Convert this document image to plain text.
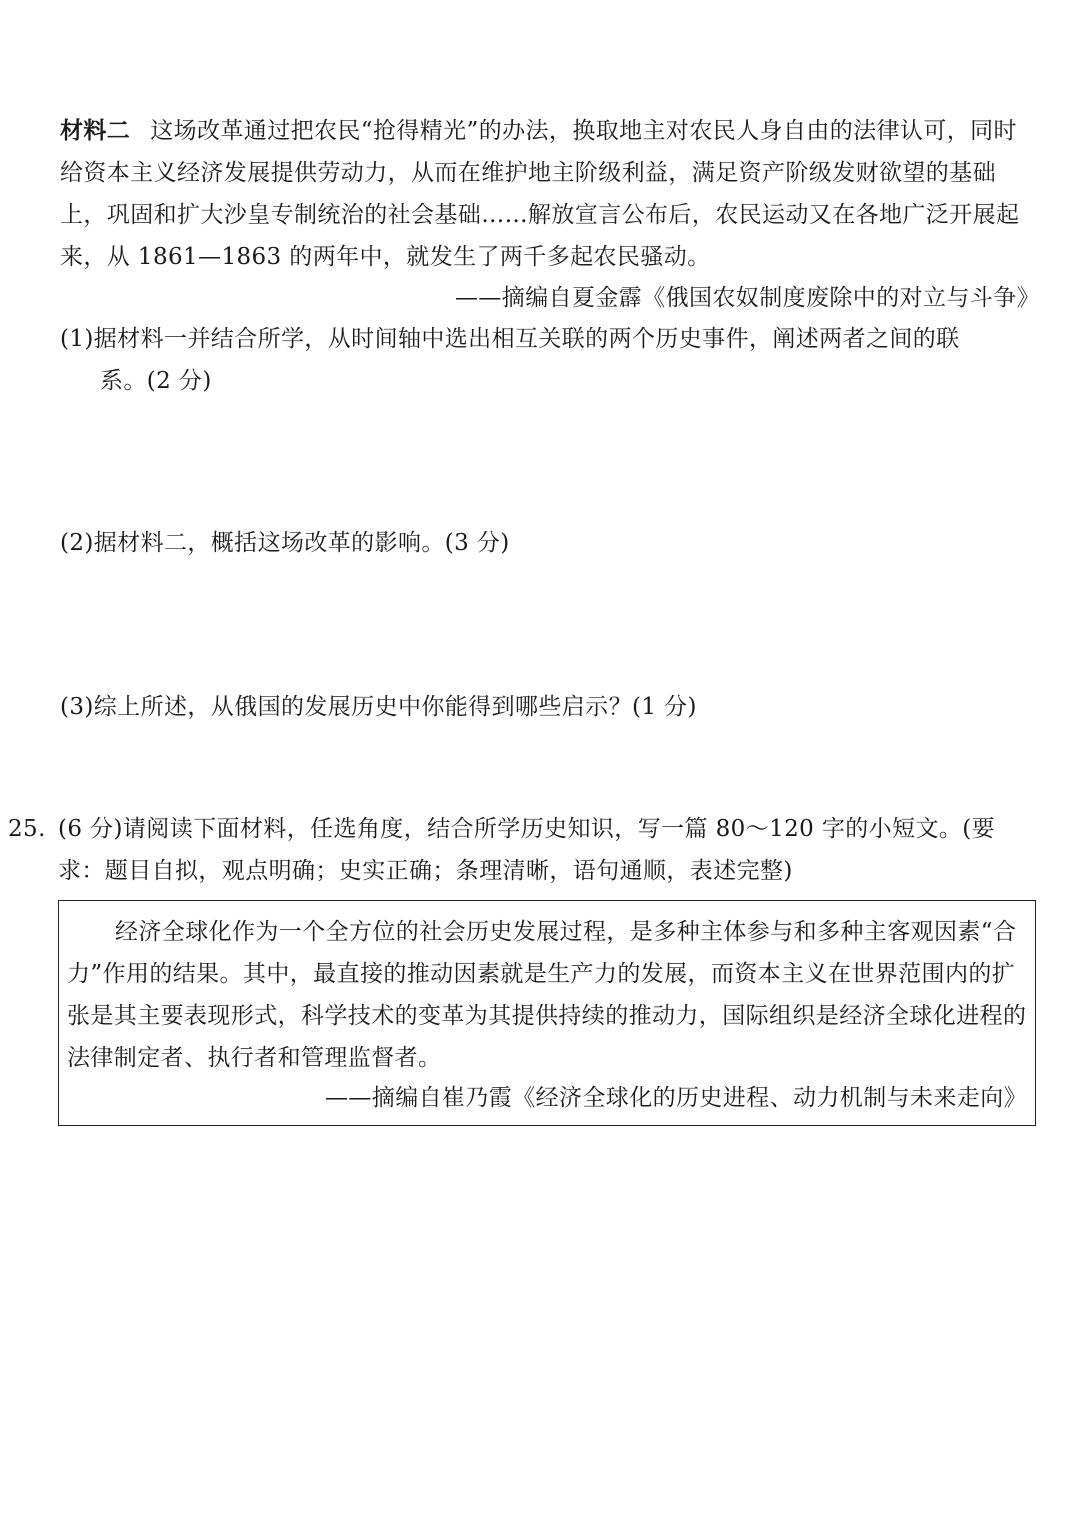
材料二 这场改革通过把农民“抢得精光”的办法，换取地主对农民人身自由的法律认可，同时给资本主义经济发展提供劳动力，从而在维护地主阶级利益，满足资产阶级发财欲望的基础上，巩固和扩大沙皇专制统治的社会基础……解放宣言公布后，农民运动又在各地广泛开展起来，从 1861—1863 的两年中，就发生了两千多起农民骚动。
——摘编自夏金霹《俄国农奴制度废除中的对立与斗争》
(1)据材料一并结合所学，从时间轴中选出相互关联的两个历史事件，阐述两者之间的联
系。(2 分)
(2)据材料二，概括这场改革的影响。(3 分)
(3)综上所述，从俄国的发展历史中你能得到哪些启示？(1 分)
25. (6 分)请阅读下面材料，任选角度，结合所学历史知识，写一篇 80～120 字的小短文。(要
求：题目自拟，观点明确；史实正确；条理清晰，语句通顺，表述完整)
经济全球化作为一个全方位的社会历史发展过程，是多种主体参与和多种主客观因素“合力”作用的结果。其中，最直接的推动因素就是生产力的发展，而资本主义在世界范围内的扩张是其主要表现形式，科学技术的变革为其提供持续的推动力，国际组织是经济全球化进程的法律制定者、执行者和管理监督者。
——摘编自崔乃霞《经济全球化的历史进程、动力机制与未来走向》
